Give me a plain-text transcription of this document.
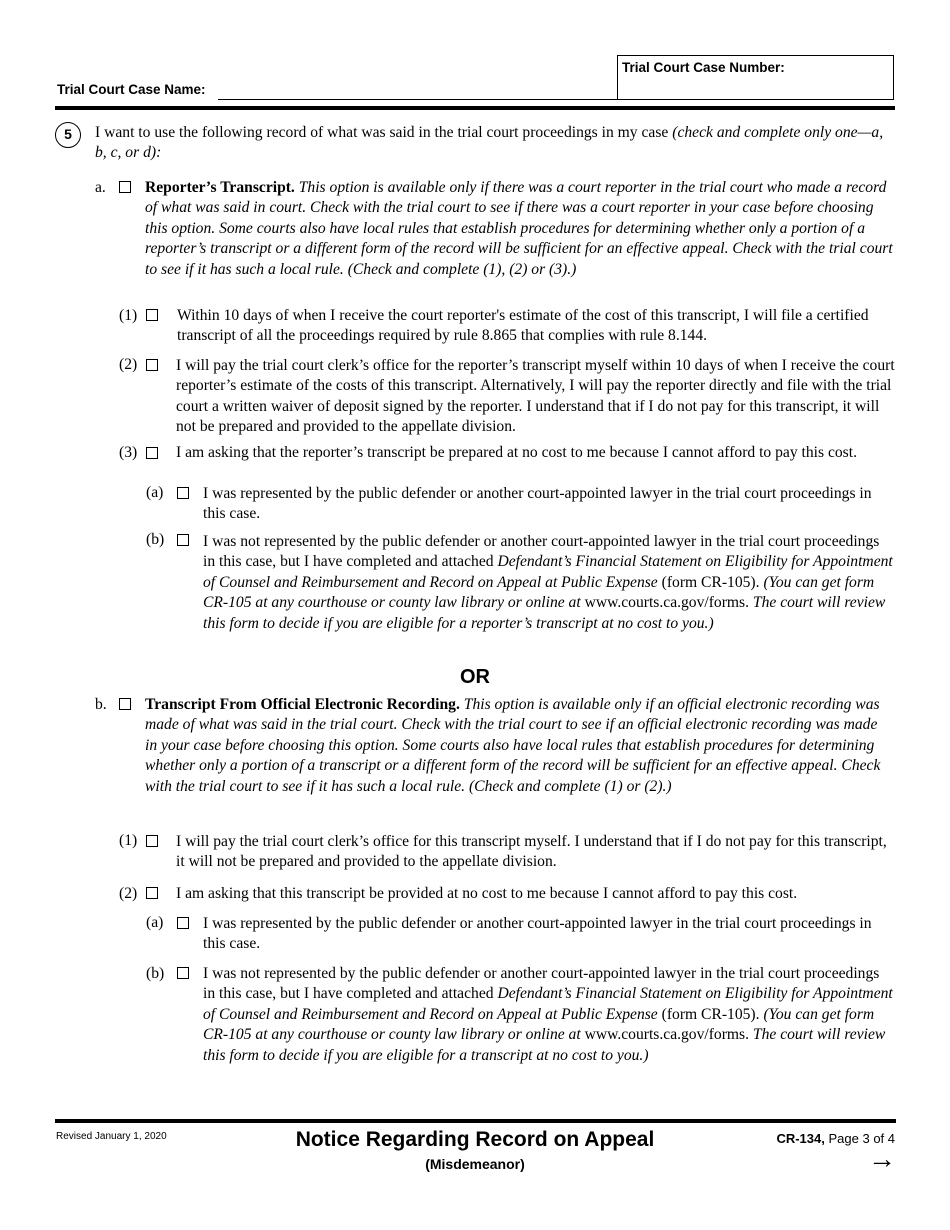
Trial Court Case Number:
Trial Court Case Name:
5	I want to use the following record of what was said in the trial court proceedings in my case (check and complete only one—a, b, c, or d):
a.	Reporter’s Transcript. This option is available only if there was a court reporter in the trial court who made a record of what was said in court. Check with the trial court to see if there was a court reporter in your case before choosing this option. Some courts also have local rules that establish procedures for determining whether only a portion of a reporter’s transcript or a different form of the record will be sufficient for an effective appeal. Check with the trial court to see if it has such a local rule. (Check and complete (1), (2) or (3).)
(1)	Within 10 days of when I receive the court reporter's estimate of the cost of this transcript, I will file a certified transcript of all the proceedings required by rule 8.865 that complies with rule 8.144.
(2) I will pay the trial court clerk’s office for the reporter’s transcript myself within 10 days of when I receive the court reporter’s estimate of the costs of this transcript. Alternatively, I will pay the reporter directly and file with the trial court a written waiver of deposit signed by the reporter. I understand that if I do not pay for this transcript, it will not be prepared and provided to the appellate division.
(3) I am asking that the reporter’s transcript be prepared at no cost to me because I cannot afford to pay this cost.
(a)	I was represented by the public defender or another court-appointed lawyer in the trial court proceedings in this case.
(b) I was not represented by the public defender or another court-appointed lawyer in the trial court proceedings in this case, but I have completed and attached Defendant’s Financial Statement on Eligibility for Appointment of Counsel and Reimbursement and Record on Appeal at Public Expense (form CR-105). (You can get form CR-105 at any courthouse or county law library or online at www.courts.ca.gov/forms. The court will review this form to decide if you are eligible for a reporter’s transcript at no cost to you.)
OR
b. Transcript From Official Electronic Recording. This option is available only if an official electronic recording was made of what was said in the trial court. Check with the trial court to see if an official electronic recording was made in your case before choosing this option. Some courts also have local rules that establish procedures for determining whether only a portion of a transcript or a different form of the record will be sufficient for an effective appeal. Check with the trial court to see if it has such a local rule. (Check and complete (1) or (2).)
(1) I will pay the trial court clerk’s office for this transcript myself. I understand that if I do not pay for this transcript, it will not be prepared and provided to the appellate division.
(2) I am asking that this transcript be provided at no cost to me because I cannot afford to pay this cost.
(a)	I was represented by the public defender or another court-appointed lawyer in the trial court proceedings in this case.
(b) I was not represented by the public defender or another court-appointed lawyer in the trial court proceedings in this case, but I have completed and attached Defendant’s Financial Statement on Eligibility for Appointment of Counsel and Reimbursement and Record on Appeal at Public Expense (form CR-105). (You can get form CR-105 at any courthouse or county law library or online at www.courts.ca.gov/forms. The court will review this form to decide if you are eligible for a transcript at no cost to you.)
Revised January 1, 2020	Notice Regarding Record on Appeal
(Misdemeanor)
CR-134, Page 3 of 4
→
